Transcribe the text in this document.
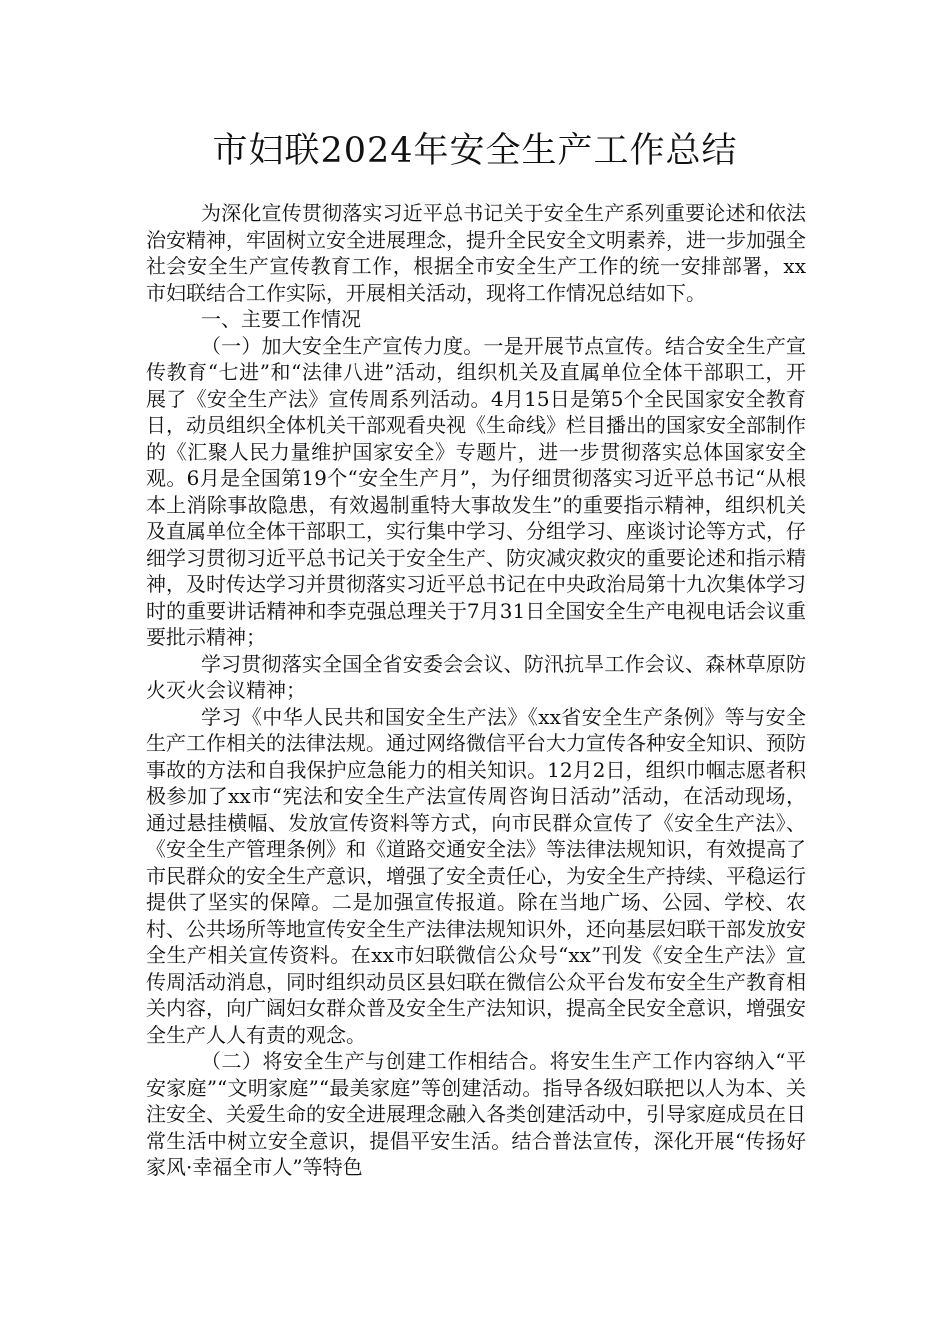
市妇联2024年安全生产工作总结

为深化宣传贯彻落实习近平总书记关于安全生产系列重要论述和依法治安精神，牢固树立安全进展理念，提升全民安全文明素养，进一步加强全社会安全生产宣传教育工作，根据全市安全生产工作的统一安排部署，xx市妇联结合工作实际，开展相关活动，现将工作情况总结如下。

一、主要工作情况

（一）加大安全生产宣传力度。一是开展节点宣传。结合安全生产宣传教育“七进”和“法律八进”活动，组织机关及直属单位全体干部职工，开展了《安全生产法》宣传周系列活动。4月15日是第5个全民国家安全教育日，动员组织全体机关干部观看央视《生命线》栏目播出的国家安全部制作的《汇聚人民力量维护国家安全》专题片，进一步贯彻落实总体国家安全观。6月是全国第19个“安全生产月”，为仔细贯彻落实习近平总书记“从根本上消除事故隐患，有效遏制重特大事故发生”的重要指示精神，组织机关及直属单位全体干部职工，实行集中学习、分组学习、座谈讨论等方式，仔细学习贯彻习近平总书记关于安全生产、防灾减灾救灾的重要论述和指示精神，及时传达学习并贯彻落实习近平总书记在中央政治局第十九次集体学习时的重要讲话精神和李克强总理关于7月31日全国安全生产电视电话会议重要批示精神；

学习贯彻落实全国全省安委会会议、防汛抗旱工作会议、森林草原防火灭火会议精神；

学习《中华人民共和国安全生产法》《xx省安全生产条例》等与安全生产工作相关的法律法规。通过网络微信平台大力宣传各种安全知识、预防事故的方法和自我保护应急能力的相关知识。12月2日，组织巾帼志愿者积极参加了xx市“宪法和安全生产法宣传周咨询日活动”活动，在活动现场，通过悬挂横幅、发放宣传资料等方式，向市民群众宣传了《安全生产法》、《安全生产管理条例》和《道路交通安全法》等法律法规知识，有效提高了市民群众的安全生产意识，增强了安全责任心，为安全生产持续、平稳运行提供了坚实的保障。二是加强宣传报道。除在当地广场、公园、学校、农村、公共场所等地宣传安全生产法律法规知识外，还向基层妇联干部发放安全生产相关宣传资料。在xx市妇联微信公众号“xx”刊发《安全生产法》宣传周活动消息，同时组织动员区县妇联在微信公众平台发布安全生产教育相关内容，向广阔妇女群众普及安全生产法知识，提高全民安全意识，增强安全生产人人有责的观念。

（二）将安全生产与创建工作相结合。将安生生产工作内容纳入“平安家庭”“文明家庭”“最美家庭”等创建活动。指导各级妇联把以人为本、关注安全、关爱生命的安全进展理念融入各类创建活动中，引导家庭成员在日常生活中树立安全意识，提倡平安生活。结合普法宣传，深化开展“传扬好家风·幸福全市人”等特色
